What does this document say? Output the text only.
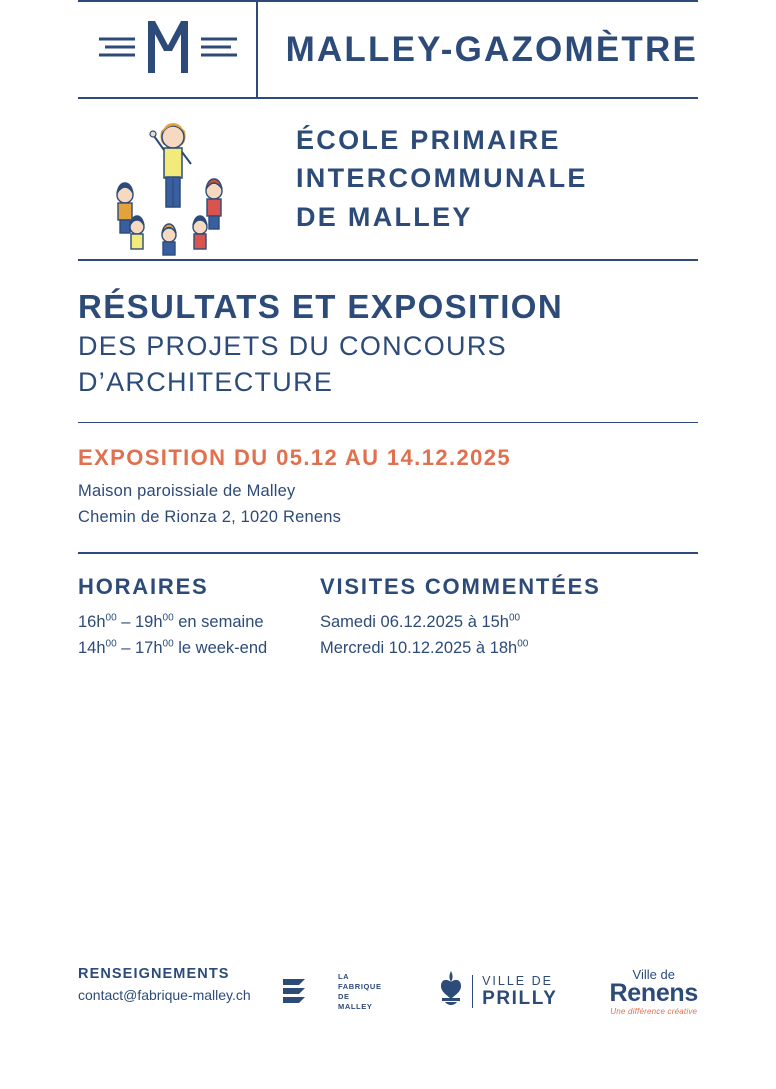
MALLEY-GAZOMÈTRE
ÉCOLE PRIMAIRE
INTERCOMMUNALE
DE MALLEY
RÉSULTATS ET EXPOSITION
DES PROJETS DU CONCOURS
D’ARCHITECTURE
EXPOSITION DU 05.12 AU 14.12.2025
Maison paroissiale de Malley
Chemin de Rionza 2, 1020 Renens
HORAIRES
$16h^{00} - 19h^{00}$ en semaine
$14h^{00} - 17h^{00}$ le week-end
VISITES COMMENTÉES
Samedi 06.12.2025 à $15h^{00}$
Mercredi 10.12.2025 à $18h^{00}$
RENSEIGNEMENTS
contact@fabrique-malley.ch
LA FABRIQUE
DE MALLEY
VILLE DE
PRILLY
Ville de
Renens
Une différence créative
